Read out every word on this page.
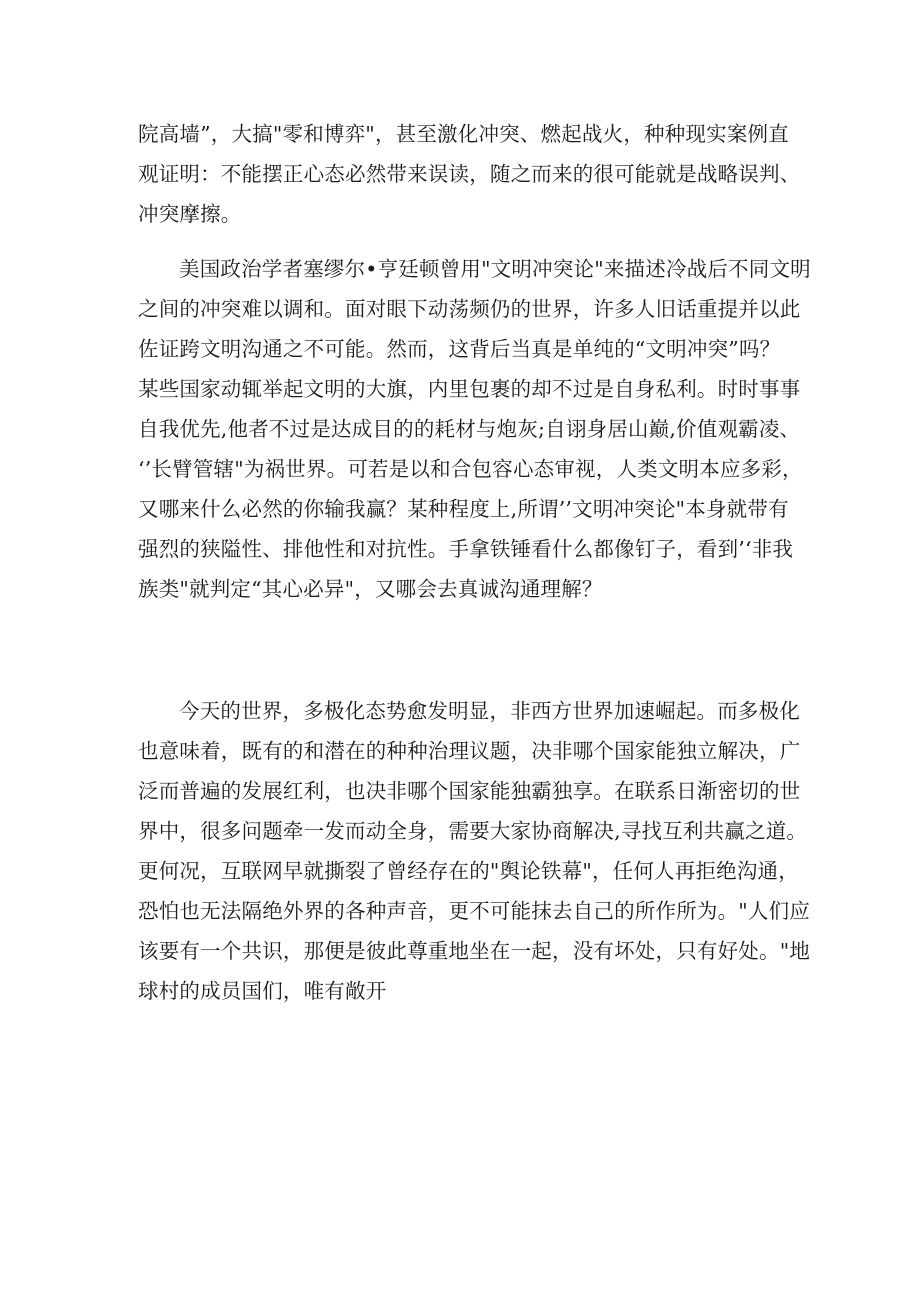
院高墙”，大搞"零和博弈"，甚至激化冲突、燃起战火，种种现实案例直
观证明：不能摆正心态必然带来误读，随之而来的很可能就是战略误判、
冲突摩擦。
美国政治学者塞缪尔•亨廷顿曾用"文明冲突论"来描述冷战后不同文明
之间的冲突难以调和。面对眼下动荡频仍的世界，许多人旧话重提并以此
佐证跨文明沟通之不可能。然而，这背后当真是单纯的“文明冲突”吗？
某些国家动辄举起文明的大旗，内里包裹的却不过是自身私利。时时事事
自我优先,他者不过是达成目的的耗材与炮灰;自诩身居山巅,价值观霸凌、
‘’长臂管辖"为祸世界。可若是以和合包容心态审视，人类文明本应多彩，
又哪来什么必然的你输我赢？某种程度上,所谓’’文明冲突论"本身就带有
强烈的狭隘性、排他性和对抗性。手拿铁锤看什么都像钉子，看到’‘非我
族类"就判定“其心必异"，又哪会去真诚沟通理解？
今天的世界，多极化态势愈发明显，非西方世界加速崛起。而多极化
也意味着，既有的和潜在的种种治理议题，决非哪个国家能独立解决，广
泛而普遍的发展红利，也决非哪个国家能独霸独享。在联系日渐密切的世
界中，很多问题牵一发而动全身，需要大家协商解决,寻找互利共赢之道。
更何况，互联网早就撕裂了曾经存在的"舆论铁幕"，任何人再拒绝沟通，
恐怕也无法隔绝外界的各种声音，更不可能抹去自己的所作所为。"人们应
该要有一个共识，那便是彼此尊重地坐在一起，没有坏处，只有好处。"地
球村的成员国们，唯有敞开
